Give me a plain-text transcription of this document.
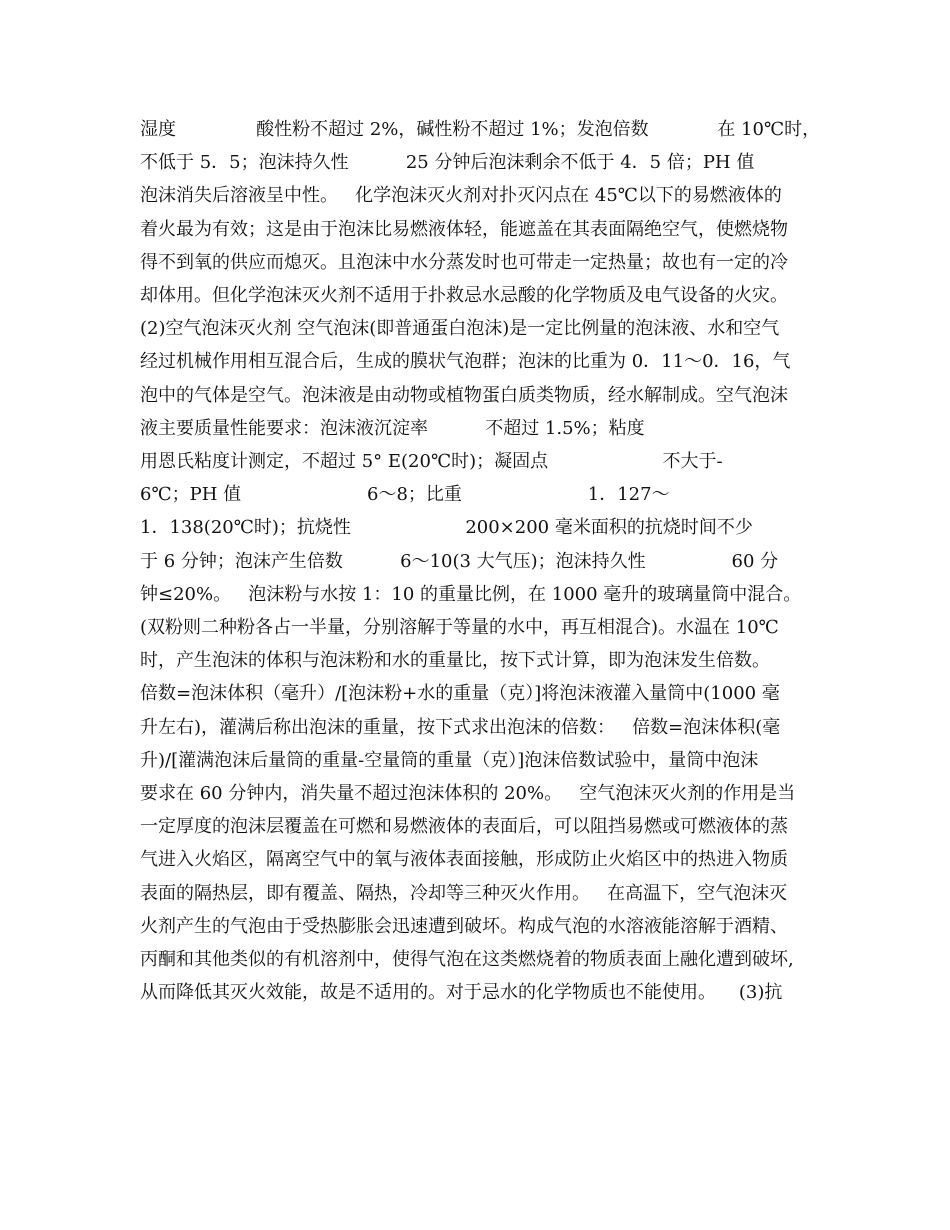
湿度              酸性粉不超过 2%，碱性粉不超过 1%；发泡倍数            在 10℃时，
不低于 5．5；泡沫持久性          25 分钟后泡沫剩余不低于 4．5 倍；PH 值
泡沫消失后溶液呈中性。   化学泡沫灭火剂对扑灭闪点在 45℃以下的易燃液体的
着火最为有效；这是由于泡沫比易燃液体轻，能遮盖在其表面隔绝空气，使燃烧物
得不到氧的供应而熄灭。且泡沫中水分蒸发时也可带走一定热量；故也有一定的冷
却体用。但化学泡沫灭火剂不适用于扑救忌水忌酸的化学物质及电气设备的火灾。
(2)空气泡沫灭火剂 空气泡沫(即普通蛋白泡沫)是一定比例量的泡沫液、水和空气
经过机械作用相互混合后，生成的膜状气泡群；泡沫的比重为 0．11～0．16，气
泡中的气体是空气。泡沫液是由动物或植物蛋白质类物质，经水解制成。空气泡沫
液主要质量性能要求：泡沫液沉淀率          不超过 1.5%；粘度
用恩氏粘度计测定，不超过 5° E(20℃时)；凝固点                    不大于-
6℃；PH 值                      6～8；比重                      1．127～
1．138(20℃时)；抗烧性                    200×200 毫米面积的抗烧时间不少
于 6 分钟；泡沫产生倍数          6～10(3 大气压)；泡沫持久性               60 分
钟≤20%。   泡沫粉与水按 1：10 的重量比例，在 1000 毫升的玻璃量筒中混合。
(双粉则二种粉各占一半量，分别溶解于等量的水中，再互相混合)。水温在 10℃
时，产生泡沫的体积与泡沫粉和水的重量比，按下式计算，即为泡沫发生倍数。
倍数=泡沫体积（毫升）/[泡沫粉+水的重量（克）]将泡沫液灌入量筒中(1000 毫
升左右)，灌满后称出泡沫的重量，按下式求出泡沫的倍数：   倍数=泡沫体积(毫
升)/[灌满泡沫后量筒的重量-空量筒的重量（克）]泡沫倍数试验中，量筒中泡沫
要求在 60 分钟内，消失量不超过泡沫体积的 20%。   空气泡沫灭火剂的作用是当
一定厚度的泡沫层覆盖在可燃和易燃液体的表面后，可以阻挡易燃或可燃液体的蒸
气进入火焰区，隔离空气中的氧与液体表面接触，形成防止火焰区中的热进入物质
表面的隔热层，即有覆盖、隔热，冷却等三种灭火作用。   在高温下，空气泡沫灭
火剂产生的气泡由于受热膨胀会迅速遭到破坏。构成气泡的水溶液能溶解于酒精、
丙酮和其他类似的有机溶剂中，使得气泡在这类燃烧着的物质表面上融化遭到破坏,
从而降低其灭火效能，故是不适用的。对于忌水的化学物质也不能使用。    (3)抗
